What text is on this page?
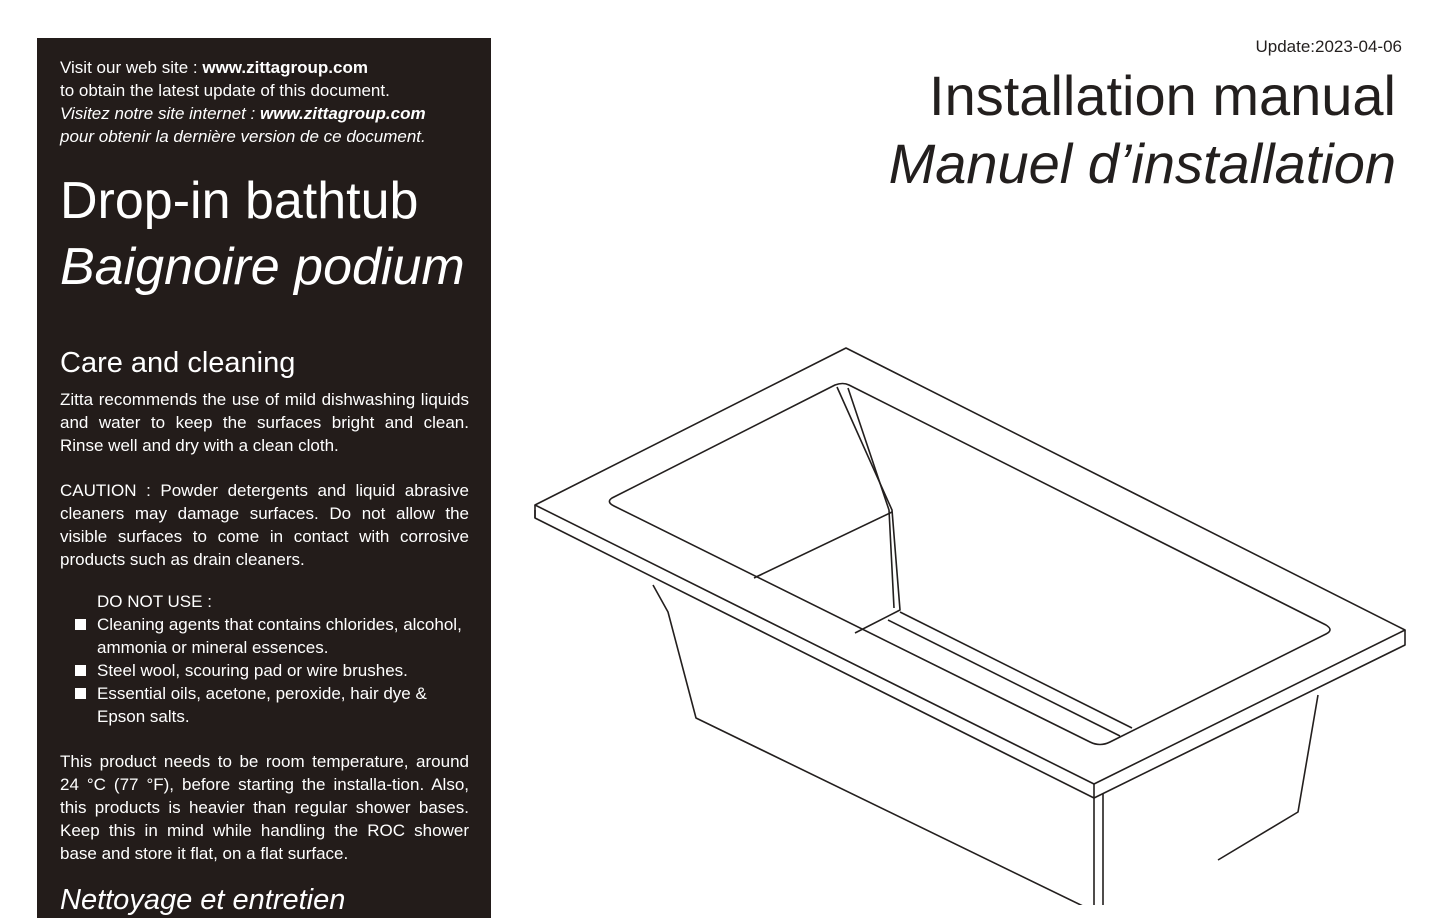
Visit our web site : www.zittagroup.com
to obtain the latest update of this document.
Visitez notre site internet : www.zittagroup.com
pour obtenir la dernière version de ce document.
Drop-in bathtub
Baignoire podium
Care and cleaning
Zitta recommends the use of mild dishwashing liquids and water to keep the surfaces bright and clean. Rinse well and dry with a clean cloth.
CAUTION : Powder detergents and liquid abrasive cleaners may damage surfaces. Do not allow the visible surfaces to come in contact with corrosive products such as drain cleaners.
DO NOT USE :
Cleaning agents that contains chlorides, alcohol, ammonia or mineral essences.
Steel wool, scouring pad or wire brushes.
Essential oils, acetone, peroxide, hair dye & Epson salts.
This product needs to be room temperature, around 24 °C (77 °F), before starting the installa-tion. Also, this products is heavier than regular shower bases. Keep this in mind while handling the ROC shower base and store it flat, on a flat surface.
Nettoyage et entretien
Update:2023-04-06
Installation manual
Manuel d’installation
